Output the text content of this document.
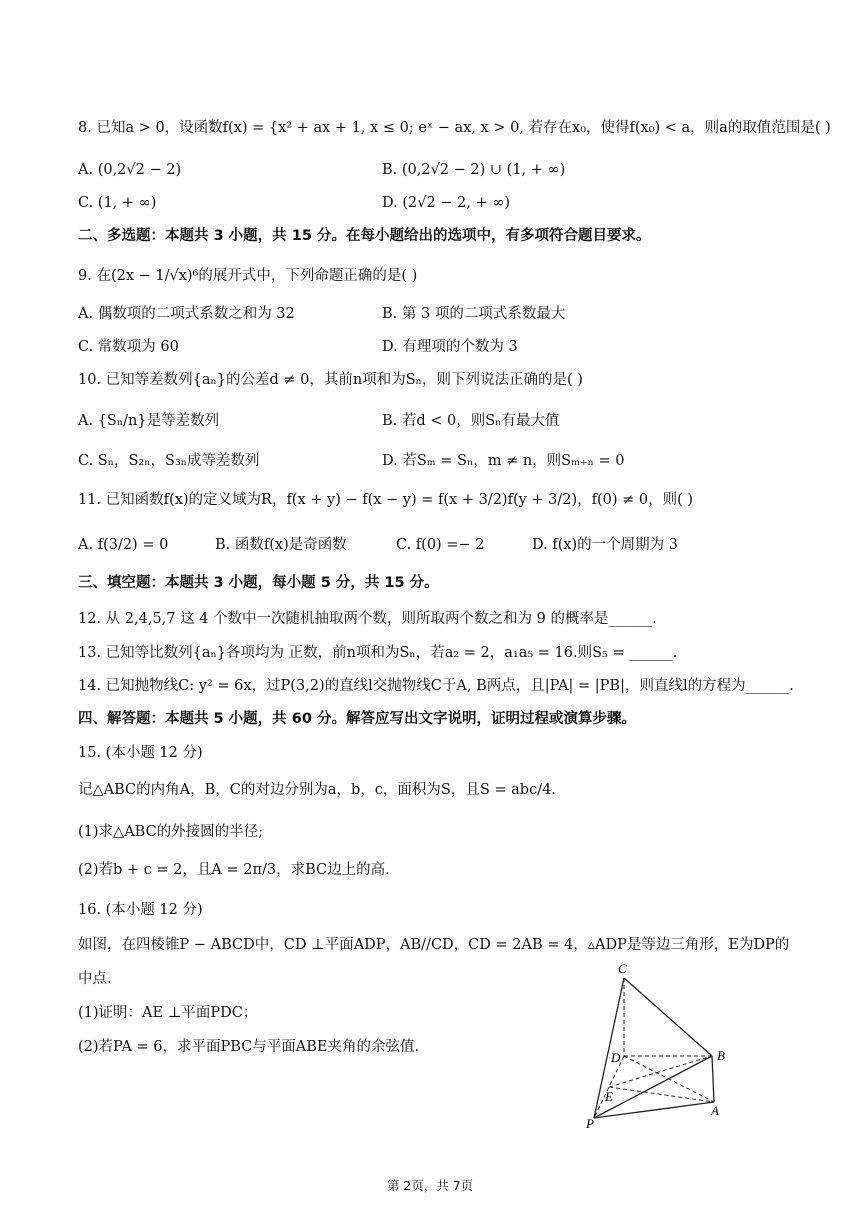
8. 已知a > 0，设函数f(x) = {x² + ax + 1, x ≤ 0; eˣ − ax, x > 0, 若存在x₀，使得f(x₀) < a，则a的取值范围是( )
A. (0,2√2 − 2)	B. (0,2√2 − 2) ∪ (1, + ∞)
C. (1, + ∞)	D. (2√2 − 2, + ∞)
二、多选题：本题共 3 小题，共 15 分。在每小题给出的选项中，有多项符合题目要求。
9. 在(2x − 1/√x)⁶的展开式中，下列命题正确的是( )
A. 偶数项的二项式系数之和为 32	B. 第 3 项的二项式系数最大
C. 常数项为 60	D. 有理项的个数为 3
10. 已知等差数列{aₙ}的公差d ≠ 0，其前n项和为Sₙ，则下列说法正确的是( )
A. {Sₙ/n}是等差数列	B. 若d < 0，则Sₙ有最大值
C. Sₙ，S₂ₙ，S₃ₙ成等差数列	D. 若Sₘ = Sₙ，m ≠ n，则Sₘ₊ₙ = 0
11. 已知函数f(x)的定义域为R，f(x + y) − f(x − y) = f(x + 3/2)f(y + 3/2)，f(0) ≠ 0，则( )
A. f(3/2) = 0	B. 函数f(x)是奇函数	C. f(0) =− 2	D. f(x)的一个周期为 3
三、填空题：本题共 3 小题，每小题 5 分，共 15 分。
12. 从 2,4,5,7 这 4 个数中一次随机抽取两个数，则所取两个数之和为 9 的概率是______.
13. 已知等比数列{aₙ}各项均为 正数，前n项和为Sₙ，若a₂ = 2，a₁a₅ = 16.则S₅ = ______.
14. 已知抛物线C: y² = 6x，过P(3,2)的直线l交抛物线C于A, B两点，且|PA| = |PB|，则直线l的方程为______.
四、解答题：本题共 5 小题，共 60 分。解答应写出文字说明，证明过程或演算步骤。
15. (本小题 12 分)
记△ABC的内角A，B，C的对边分别为a，b，c，面积为S，且S = abc/4.
(1)求△ABC的外接圆的半径;
(2)若b + c = 2，且A = 2π/3，求BC边上的高.
16. (本小题 12 分)
如图，在四棱锥P − ABCD中，CD ⊥平面ADP，AB//CD，CD = 2AB = 4，▵ADP是等边三角形，E为DP的
中点.
(1)证明：AE ⊥平面PDC；
(2)若PA = 6，求平面PBC与平面ABE夹角的余弦值.
C
D	B
E
A
P
第 2页，共 7页
